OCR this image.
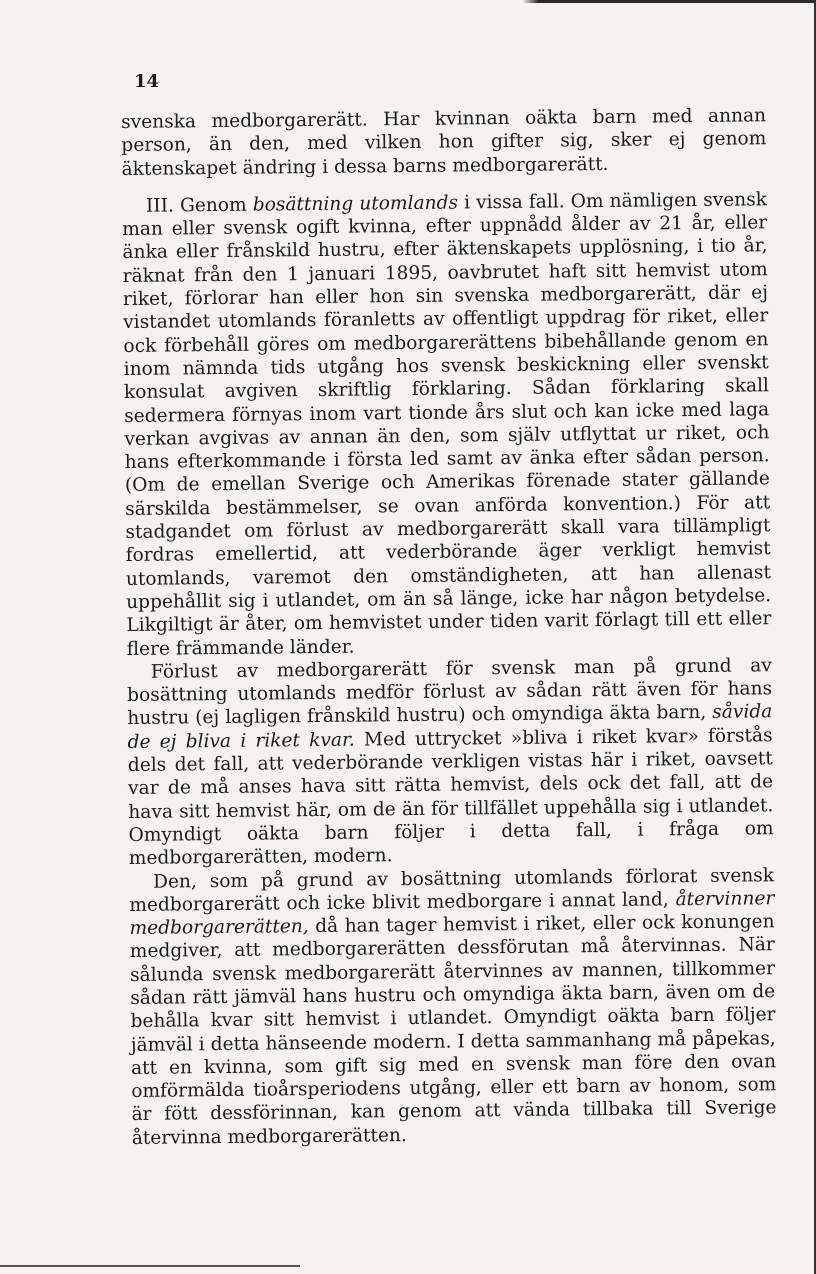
14

svenska medborgarerätt. Har kvinnan oäkta barn med annan person, än den, med vilken hon gifter sig, sker ej genom äktenskapet ändring i dessa barns medborgarerätt.

III. Genom bosättning utomlands i vissa fall. Om nämligen svensk man eller svensk ogift kvinna, efter uppnådd ålder av 21 år, eller änka eller frånskild hustru, efter äktenskapets upplösning, i tio år, räknat från den 1 januari 1895, oavbrutet haft sitt hemvist utom riket, förlorar han eller hon sin svenska medborgarerätt, där ej vistandet utomlands föranletts av offentligt uppdrag för riket, eller ock förbehåll göres om medborgarerättens bibehållande genom en inom nämnda tids utgång hos svensk beskickning eller svenskt konsulat avgiven skriftlig förklaring. Sådan förklaring skall sedermera förnyas inom vart tionde års slut och kan icke med laga verkan avgivas av annan än den, som själv utflyttat ur riket, och hans efterkommande i första led samt av änka efter sådan person. (Om de emellan Sverige och Amerikas förenade stater gällande särskilda bestämmelser, se ovan anförda konvention.) För att stadgandet om förlust av medborgarerätt skall vara tillämpligt fordras emellertid, att vederbörande äger verkligt hemvist utomlands, varemot den omständigheten, att han allenast uppehållit sig i utlandet, om än så länge, icke har någon betydelse. Likgiltigt är åter, om hemvistet under tiden varit förlagt till ett eller flere främmande länder.

Förlust av medborgarerätt för svensk man på grund av bosättning utomlands medför förlust av sådan rätt även för hans hustru (ej lagligen frånskild hustru) och omyndiga äkta barn, såvida de ej bliva i riket kvar. Med uttrycket »bliva i riket kvar» förstås dels det fall, att vederbörande verkligen vistas här i riket, oavsett var de må anses hava sitt rätta hemvist, dels ock det fall, att de hava sitt hemvist här, om de än för tillfället uppehålla sig i utlandet. Omyndigt oäkta barn följer i detta fall, i fråga om medborgarerätten, modern.

Den, som på grund av bosättning utomlands förlorat svensk medborgarerätt och icke blivit medborgare i annat land, återvinner medborgarerätten, då han tager hemvist i riket, eller ock konungen medgiver, att medborgarerätten dessförutan må återvinnas. När sålunda svensk medborgarerätt återvinnes av mannen, tillkommer sådan rätt jämväl hans hustru och omyndiga äkta barn, även om de behålla kvar sitt hemvist i utlandet. Omyndigt oäkta barn följer jämväl i detta hänseende modern. I detta sammanhang må påpekas, att en kvinna, som gift sig med en svensk man före den ovan omförmälda tioårsperiodens utgång, eller ett barn av honom, som är fött dessförinnan, kan genom att vända tillbaka till Sverige återvinna medborgarerätten.
